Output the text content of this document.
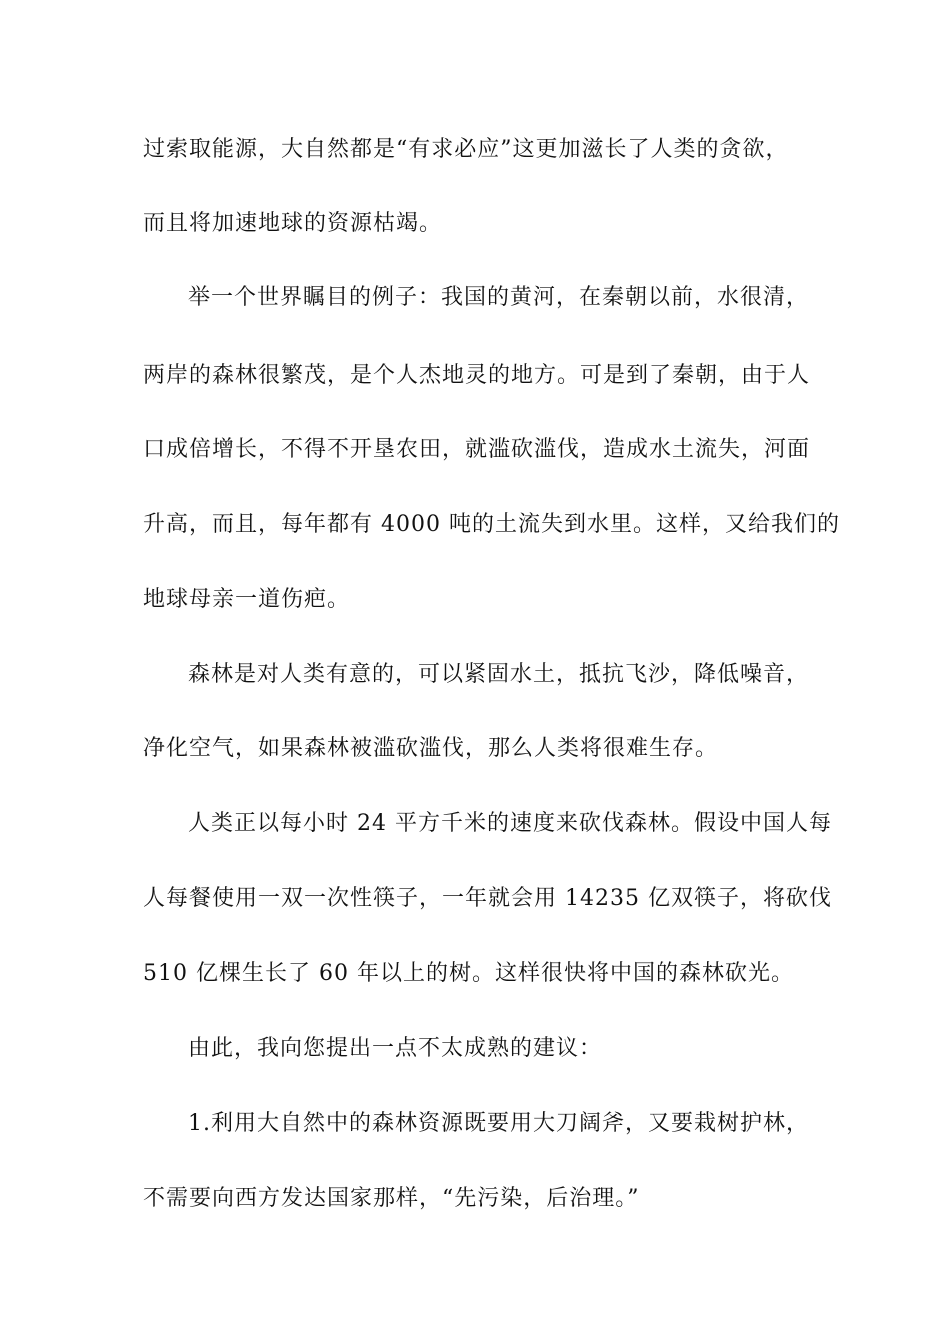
过索取能源，大自然都是“有求必应”这更加滋长了人类的贪欲，

而且将加速地球的资源枯竭。

举一个世界瞩目的例子：我国的黄河，在秦朝以前，水很清，

两岸的森林很繁茂，是个人杰地灵的地方。可是到了秦朝，由于人

口成倍增长，不得不开垦农田，就滥砍滥伐，造成水土流失，河面

升高，而且，每年都有 4000 吨的土流失到水里。这样，又给我们的

地球母亲一道伤疤。

森林是对人类有意的，可以紧固水土，抵抗飞沙，降低噪音，

净化空气，如果森林被滥砍滥伐，那么人类将很难生存。

人类正以每小时 24 平方千米的速度来砍伐森林。假设中国人每

人每餐使用一双一次性筷子，一年就会用 14235 亿双筷子，将砍伐

510 亿棵生长了 60 年以上的树。这样很快将中国的森林砍光。

由此，我向您提出一点不太成熟的建议：

1.利用大自然中的森林资源既要用大刀阔斧，又要栽树护林，

不需要向西方发达国家那样，“先污染，后治理。”
